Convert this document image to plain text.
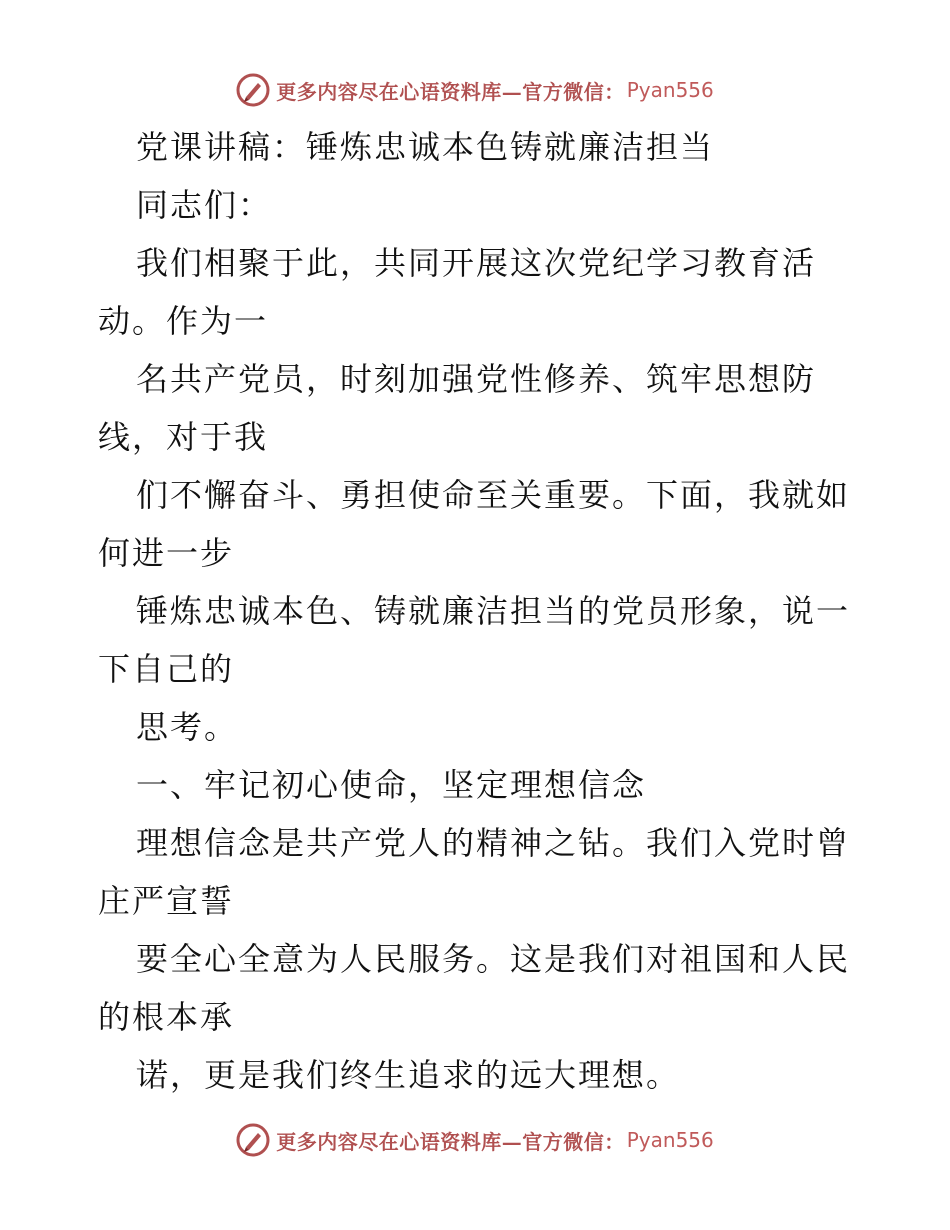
更多内容尽在心语资料库—官方微信： Pyan556
党课讲稿：锤炼忠诚本色铸就廉洁担当
同志们：
我们相聚于此，共同开展这次党纪学习教育活
动。作为一
名共产党员，时刻加强党性修养、筑牢思想防
线，对于我
们不懈奋斗、勇担使命至关重要。下面，我就如
何进一步
锤炼忠诚本色、铸就廉洁担当的党员形象，说一
下自己的
思考。
一、牢记初心使命，坚定理想信念
理想信念是共产党人的精神之钻。我们入党时曾
庄严宣誓
要全心全意为人民服务。这是我们对祖国和人民
的根本承
诺，更是我们终生追求的远大理想。
更多内容尽在心语资料库—官方微信： Pyan556
